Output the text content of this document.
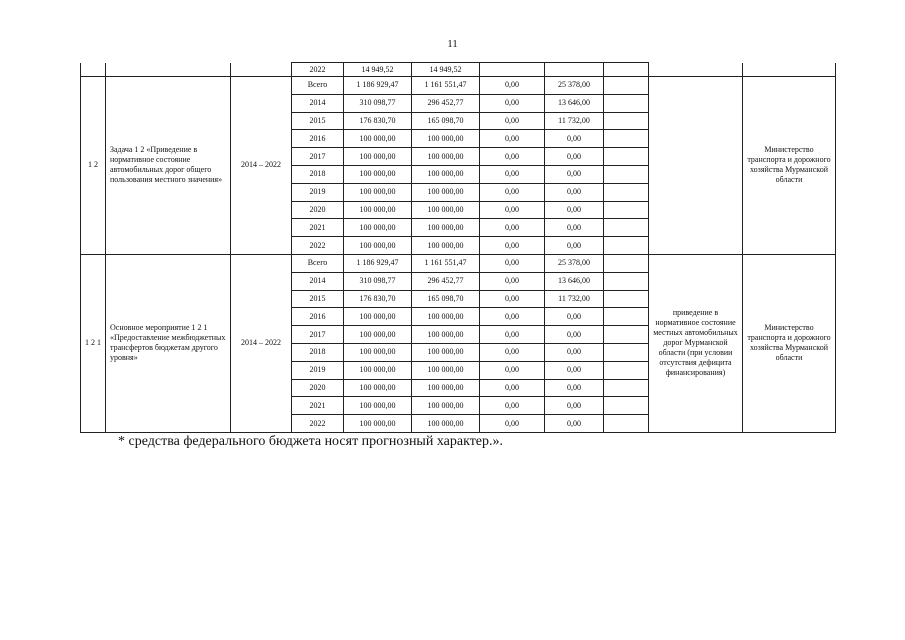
11
			2022	14 949,52	14 949,52					
1 2	Задача 1 2 «Приведение в нормативное состояние автомобильных дорог общего пользования местного значения»	2014 – 2022	Всего	1 186 929,47	1 161 551,47	0,00	25 378,00			Министерство транспорта и дорожного хозяйства Мурманской области
			2014	310 098,77	296 452,77	0,00	13 646,00			
			2015	176 830,70	165 098,70	0,00	11 732,00			
			2016	100 000,00	100 000,00	0,00	0,00			
			2017	100 000,00	100 000,00	0,00	0,00			
			2018	100 000,00	100 000,00	0,00	0,00			
			2019	100 000,00	100 000,00	0,00	0,00			
			2020	100 000,00	100 000,00	0,00	0,00			
			2021	100 000,00	100 000,00	0,00	0,00			
			2022	100 000,00	100 000,00	0,00	0,00			
1 2 1	Основное мероприятие 1 2 1 «Предоставление межбюджетных трансфертов бюджетам другого уровня»	2014 – 2022	Всего	1 186 929,47	1 161 551,47	0,00	25 378,00		приведение в нормативное состояние местных автомобильных дорог Мурманской области (при условии отсутствия дефицита финансирования)	Министерство транспорта и дорожного хозяйства Мурманской области
			2014	310 098,77	296 452,77	0,00	13 646,00			
			2015	176 830,70	165 098,70	0,00	11 732,00			
			2016	100 000,00	100 000,00	0,00	0,00			
			2017	100 000,00	100 000,00	0,00	0,00			
			2018	100 000,00	100 000,00	0,00	0,00			
			2019	100 000,00	100 000,00	0,00	0,00			
			2020	100 000,00	100 000,00	0,00	0,00			
			2021	100 000,00	100 000,00	0,00	0,00			
			2022	100 000,00	100 000,00	0,00	0,00			
* средства федерального бюджета носят прогнозный характер.».
